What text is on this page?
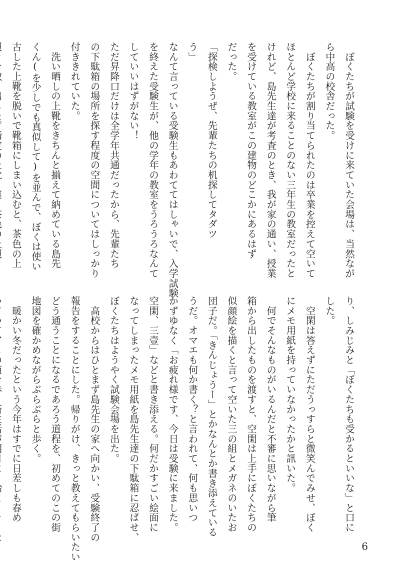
　ぼくたちが試験を受けに来ていた会場は、当然なが
ら中高の校舎だった。
　ぼくたちが割り当てられたのは卒業を控えて空いて
ほとんど学校に来ることのない三年生の教室だったと
けれど、島先生達が考査のとき、我が家の通い、授業
を受けている教室がこの建物のどこかにあるはず
だった。
「探検しようぜ、先輩たちの机探してタダツ
う」
なんて言っている受験生もあわててはしゃいで、入学試験
を終えた受験生が、他の学年の教室をうろうろなんて
していいはずがない！
ただ昇降口だけは全学年共通だったから、先輩たち
の下駄箱の場所を探す程度の空間についてはしっかり
付ききれていた。
　洗い晒しの上靴をきちんと揃えて納めている島先
くん(を少しでも真似して)を並んで、ぼくは使い
古した上靴を脱いで靴箱にしまい込むと、茶色の上
り、しみじみと「ぼくたちも受かるといいな」と口に
した。
　空閑は答えずにただうっすらと微笑んでみせ、ぼく
にメモ用紙を持っていなかったかと訊いた。
　何でそんなものがいるんだと不審に思いながら筆
箱から出したものを渡すと、空閑は上手にぼくたちの
似顔絵を描くと言って空いた三の組とメガネのいたお
団子だ。「きんじょうー」とかなんとか書き添えている
うだ。オマエも何か書く？と言われて、何も思いつ
かずゆなく「お疲れ様です、今日は受験に来ました。
空閑、三壹」などと書き添える。何だかすごい絵面に
なってしまったメモ用紙を島先生達の下駄箱に忍ばせ、
ぼくたちはようやく試験会場を出た。
　高校からはひとまず島先生の家へ向かい、受験終了の
報告をすることにした。帰りがけ、きっと教えてもらいたい
どう通うことになるであろう道程を、初めてのこの街
地図を確かめながらぶらぶらと歩く。
　暖かい冬だったという今年はすでに日差しも春め
6
